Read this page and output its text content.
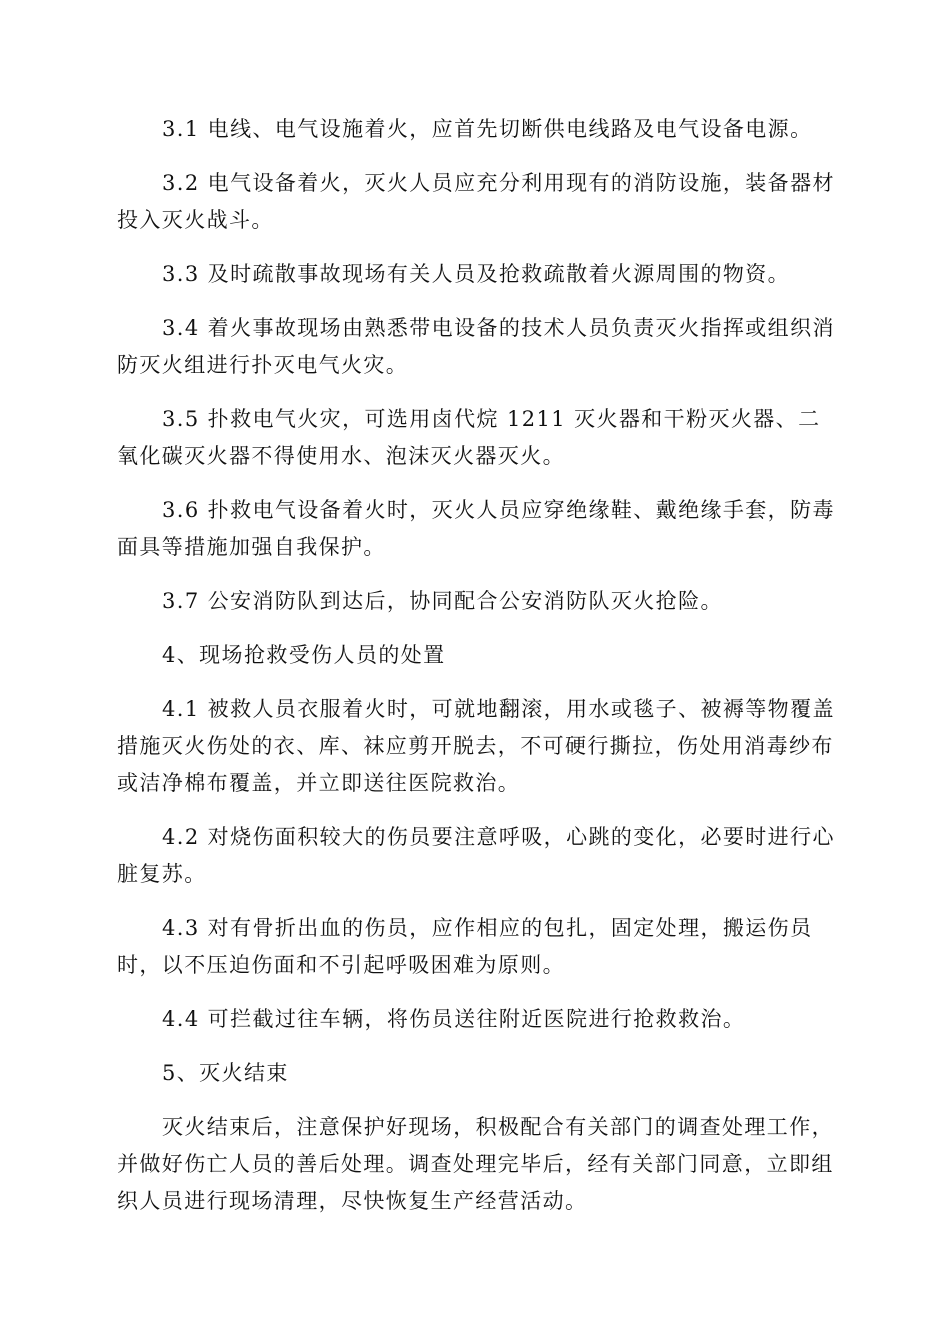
3.1 电线、电气设施着火，应首先切断供电线路及电气设备电源。

3.2 电气设备着火，灭火人员应充分利用现有的消防设施，装备器材投入灭火战斗。

3.3 及时疏散事故现场有关人员及抢救疏散着火源周围的物资。

3.4 着火事故现场由熟悉带电设备的技术人员负责灭火指挥或组织消防灭火组进行扑灭电气火灾。

3.5 扑救电气火灾，可选用卤代烷 1211 灭火器和干粉灭火器、二氧化碳灭火器不得使用水、泡沫灭火器灭火。

3.6 扑救电气设备着火时，灭火人员应穿绝缘鞋、戴绝缘手套，防毒面具等措施加强自我保护。

3.7 公安消防队到达后，协同配合公安消防队灭火抢险。

4、现场抢救受伤人员的处置

4.1 被救人员衣服着火时，可就地翻滚，用水或毯子、被褥等物覆盖措施灭火伤处的衣、库、袜应剪开脱去，不可硬行撕拉，伤处用消毒纱布或洁净棉布覆盖，并立即送往医院救治。

4.2 对烧伤面积较大的伤员要注意呼吸，心跳的变化，必要时进行心脏复苏。

4.3 对有骨折出血的伤员，应作相应的包扎，固定处理，搬运伤员时，以不压迫伤面和不引起呼吸困难为原则。

4.4 可拦截过往车辆，将伤员送往附近医院进行抢救救治。

5、灭火结束

灭火结束后，注意保护好现场，积极配合有关部门的调查处理工作，并做好伤亡人员的善后处理。调查处理完毕后，经有关部门同意，立即组织人员进行现场清理，尽快恢复生产经营活动。
